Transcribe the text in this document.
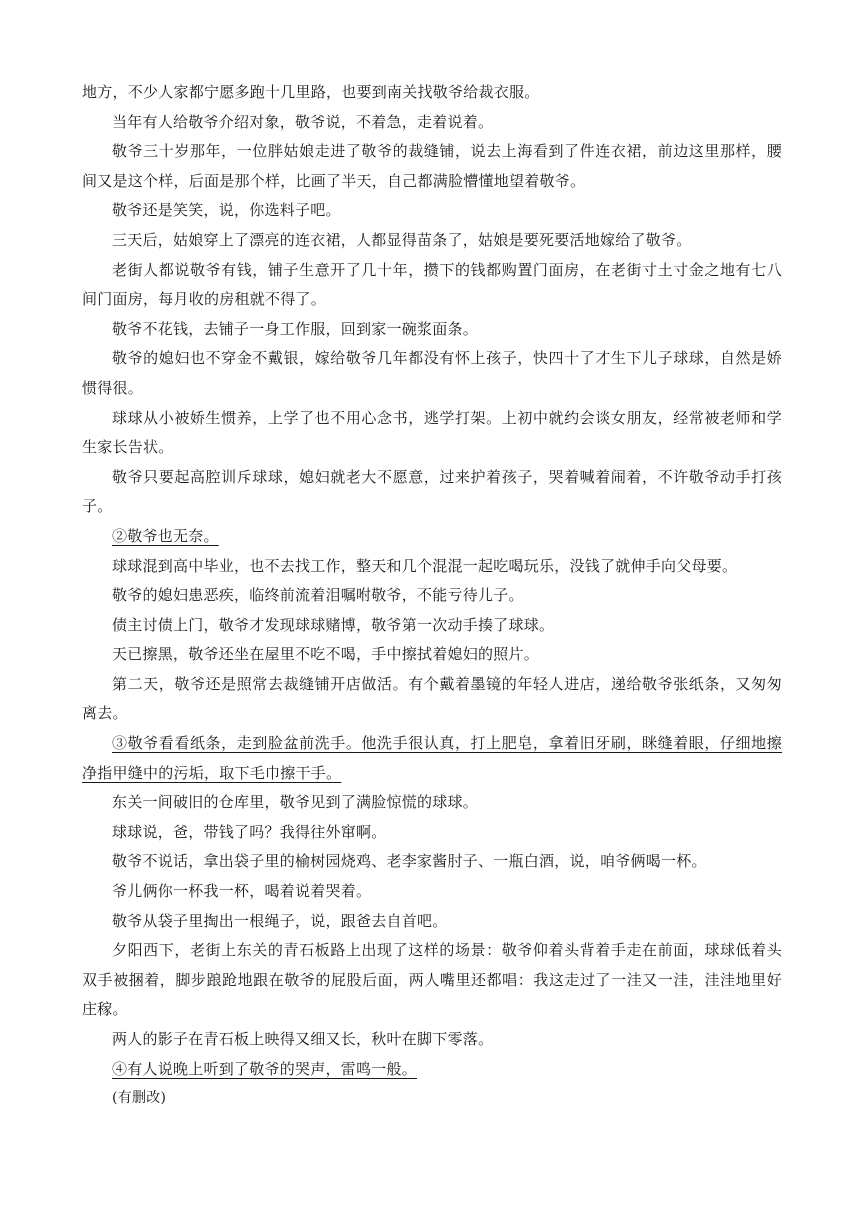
地方，不少人家都宁愿多跑十几里路，也要到南关找敬爷给裁衣服。

当年有人给敬爷介绍对象，敬爷说，不着急，走着说着。

敬爷三十岁那年，一位胖姑娘走进了敬爷的裁缝铺，说去上海看到了件连衣裙，前边这里那样，腰间又是这个样，后面是那个样，比画了半天，自己都满脸懵懂地望着敬爷。

敬爷还是笑笑，说，你选料子吧。

三天后，姑娘穿上了漂亮的连衣裙，人都显得苗条了，姑娘是要死要活地嫁给了敬爷。

老街人都说敬爷有钱，铺子生意开了几十年，攒下的钱都购置门面房，在老街寸土寸金之地有七八间门面房，每月收的房租就不得了。

敬爷不花钱，去铺子一身工作服，回到家一碗浆面条。

敬爷的媳妇也不穿金不戴银，嫁给敬爷几年都没有怀上孩子，快四十了才生下儿子球球，自然是娇惯得很。

球球从小被娇生惯养，上学了也不用心念书，逃学打架。上初中就约会谈女朋友，经常被老师和学生家长告状。

敬爷只要起高腔训斥球球，媳妇就老大不愿意，过来护着孩子，哭着喊着闹着，不许敬爷动手打孩子。

②敬爷也无奈。

球球混到高中毕业，也不去找工作，整天和几个混混一起吃喝玩乐，没钱了就伸手向父母要。

敬爷的媳妇患恶疾，临终前流着泪嘱咐敬爷，不能亏待儿子。

债主讨债上门，敬爷才发现球球赌博，敬爷第一次动手揍了球球。

天已擦黑，敬爷还坐在屋里不吃不喝，手中擦拭着媳妇的照片。

第二天，敬爷还是照常去裁缝铺开店做活。有个戴着墨镜的年轻人进店，递给敬爷张纸条，又匆匆离去。

③敬爷看看纸条，走到脸盆前洗手。他洗手很认真，打上肥皂，拿着旧牙刷，眯缝着眼，仔细地擦净指甲缝中的污垢，取下毛巾擦干手。

东关一间破旧的仓库里，敬爷见到了满脸惊慌的球球。

球球说，爸，带钱了吗？我得往外窜啊。

敬爷不说话，拿出袋子里的榆树园烧鸡、老李家酱肘子、一瓶白酒，说，咱爷俩喝一杯。

爷儿俩你一杯我一杯，喝着说着哭着。

敬爷从袋子里掏出一根绳子，说，跟爸去自首吧。

夕阳西下，老街上东关的青石板路上出现了这样的场景：敬爷仰着头背着手走在前面，球球低着头双手被捆着，脚步踉跄地跟在敬爷的屁股后面，两人嘴里还都唱：我这走过了一洼又一洼，洼洼地里好庄稼。

两人的影子在青石板上映得又细又长，秋叶在脚下零落。

④有人说晚上听到了敬爷的哭声，雷鸣一般。

(有删改)
